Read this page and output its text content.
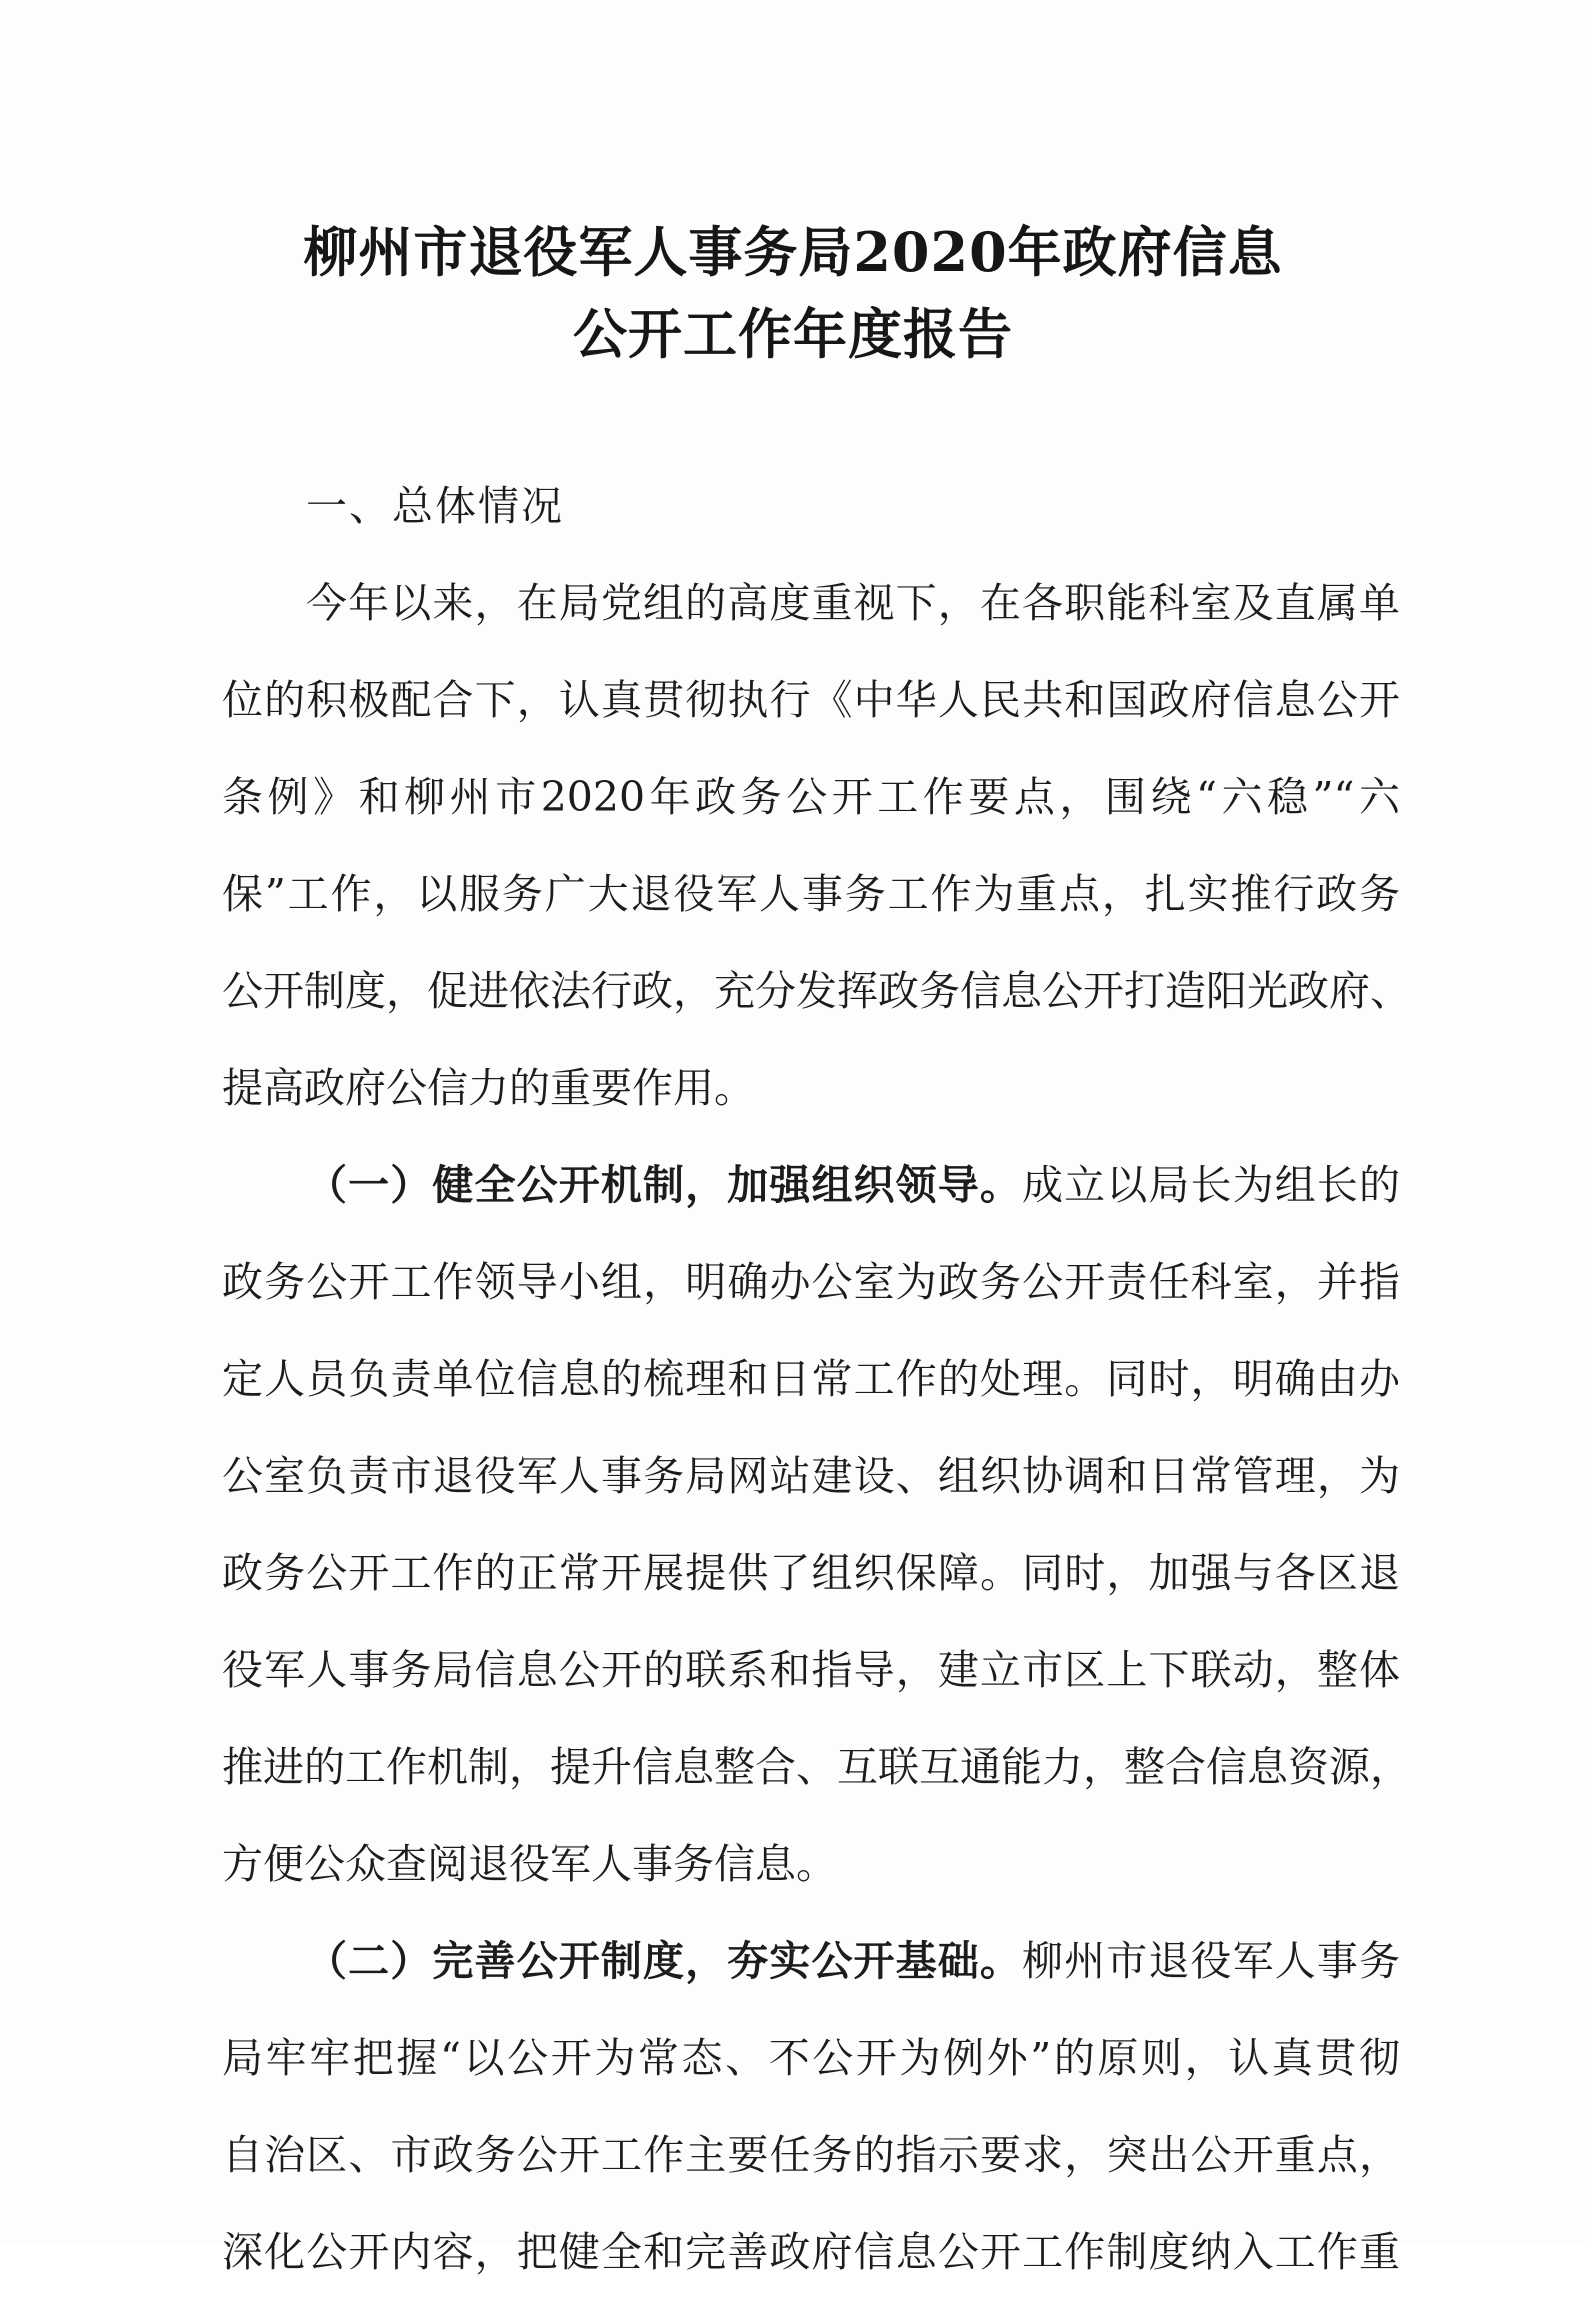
柳州市退役军人事务局2020年政府信息
公开工作年度报告
一、总体情况
今年以来，在局党组的高度重视下，在各职能科室及直属单
位的积极配合下，认真贯彻执行《中华人民共和国政府信息公开
条例》和柳州市2020年政务公开工作要点，围绕“六稳”“六
保”工作，以服务广大退役军人事务工作为重点，扎实推行政务
公开制度，促进依法行政，充分发挥政务信息公开打造阳光政府、
提高政府公信力的重要作用。
（一）健全公开机制，加强组织领导。成立以局长为组长的
政务公开工作领导小组，明确办公室为政务公开责任科室，并指
定人员负责单位信息的梳理和日常工作的处理。同时，明确由办
公室负责市退役军人事务局网站建设、组织协调和日常管理，为
政务公开工作的正常开展提供了组织保障。同时，加强与各区退
役军人事务局信息公开的联系和指导，建立市区上下联动，整体
推进的工作机制，提升信息整合、互联互通能力，整合信息资源，
方便公众查阅退役军人事务信息。
（二）完善公开制度，夯实公开基础。柳州市退役军人事务
局牢牢把握“以公开为常态、不公开为例外”的原则，认真贯彻
自治区、市政务公开工作主要任务的指示要求，突出公开重点，
深化公开内容，把健全和完善政府信息公开工作制度纳入工作重
